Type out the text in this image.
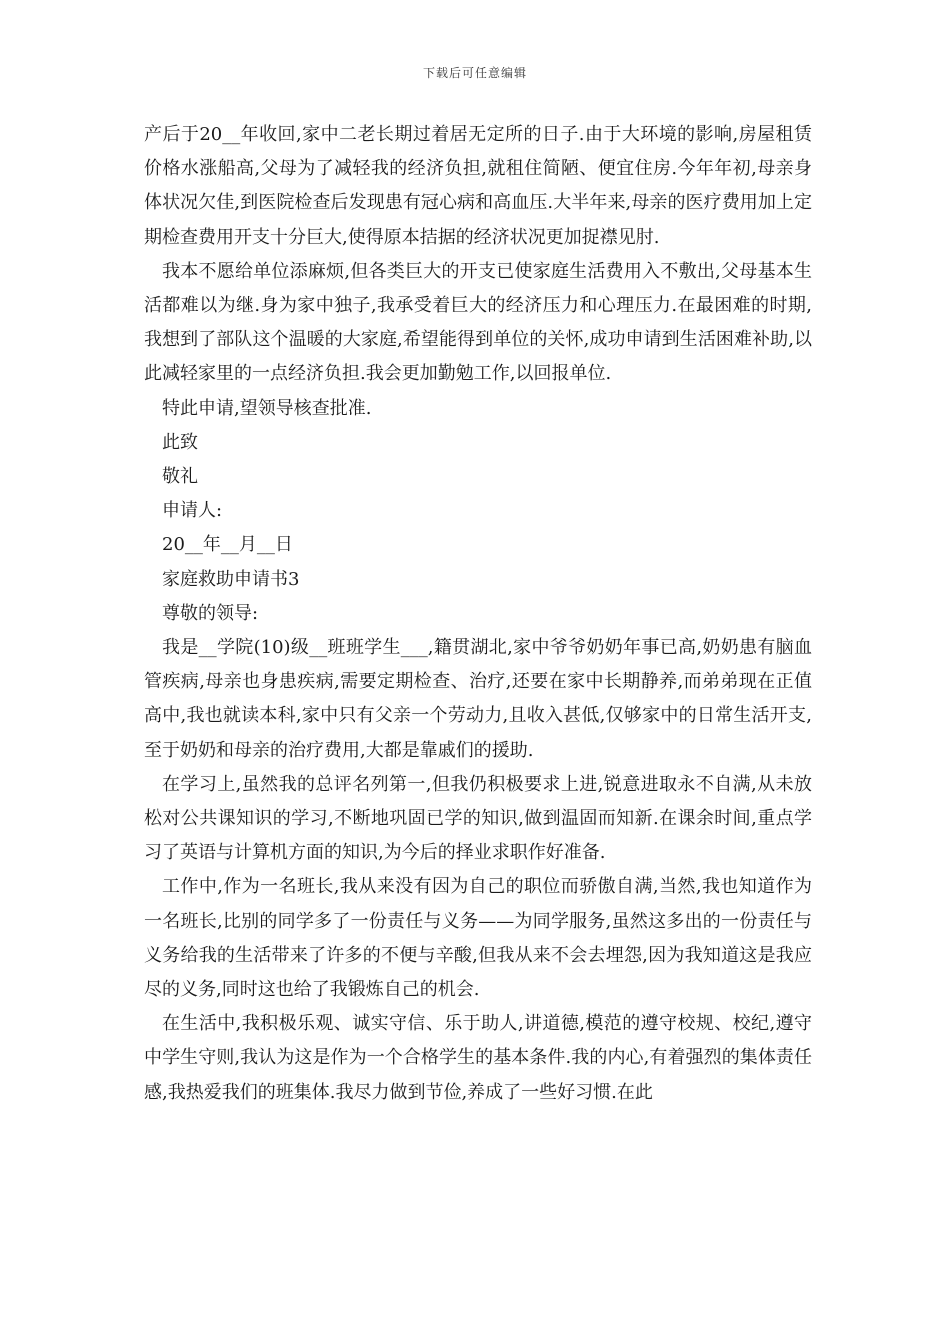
下载后可任意编辑

产后于20__年收回,家中二老长期过着居无定所的日子.由于大环境的影响,房屋租赁价格水涨船高,父母为了减轻我的经济负担,就租住简陋、便宜住房.今年年初,母亲身体状况欠佳,到医院检查后发现患有冠心病和高血压.大半年来,母亲的医疗费用加上定期检查费用开支十分巨大,使得原本拮据的经济状况更加捉襟见肘.

我本不愿给单位添麻烦,但各类巨大的开支已使家庭生活费用入不敷出,父母基本生活都难以为继.身为家中独子,我承受着巨大的经济压力和心理压力.在最困难的时期,我想到了部队这个温暖的大家庭,希望能得到单位的关怀,成功申请到生活困难补助,以此减轻家里的一点经济负担.我会更加勤勉工作,以回报单位.

特此申请,望领导核查批准.

此致

敬礼

申请人:

20__年__月__日

家庭救助申请书3

尊敬的领导:

我是__学院(10)级__班班学生___,籍贯湖北,家中爷爷奶奶年事已高,奶奶患有脑血管疾病,母亲也身患疾病,需要定期检查、治疗,还要在家中长期静养,而弟弟现在正值高中,我也就读本科,家中只有父亲一个劳动力,且收入甚低,仅够家中的日常生活开支,至于奶奶和母亲的治疗费用,大都是靠戚们的援助.

在学习上,虽然我的总评名列第一,但我仍积极要求上进,锐意进取永不自满,从未放松对公共课知识的学习,不断地巩固已学的知识,做到温固而知新.在课余时间,重点学习了英语与计算机方面的知识,为今后的择业求职作好准备.

工作中,作为一名班长,我从来没有因为自己的职位而骄傲自满,当然,我也知道作为一名班长,比别的同学多了一份责任与义务——为同学服务,虽然这多出的一份责任与义务给我的生活带来了许多的不便与辛酸,但我从来不会去埋怨,因为我知道这是我应尽的义务,同时这也给了我锻炼自己的机会.

在生活中,我积极乐观、诚实守信、乐于助人,讲道德,模范的遵守校规、校纪,遵守中学生守则,我认为这是作为一个合格学生的基本条件.我的内心,有着强烈的集体责任感,我热爱我们的班集体.我尽力做到节俭,养成了一些好习惯.在此
